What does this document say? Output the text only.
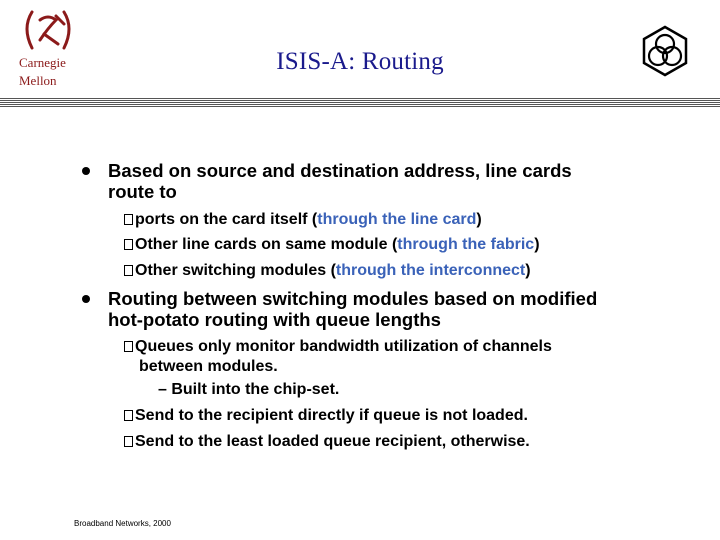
Carnegie
Mellon
ISIS-A: Routing
Based on source and destination address, line cards
route to
ports on the card itself (through the line card)
Other line cards on same module (through the fabric)
Other switching modules (through the interconnect)
Routing between switching modules based on modified
hot-potato routing with queue lengths
Queues only monitor bandwidth utilization of channels
between modules.
– Built into the chip-set.
Send to the recipient directly if queue is not loaded.
Send to the least loaded queue recipient, otherwise.
Broadband Networks, 2000
